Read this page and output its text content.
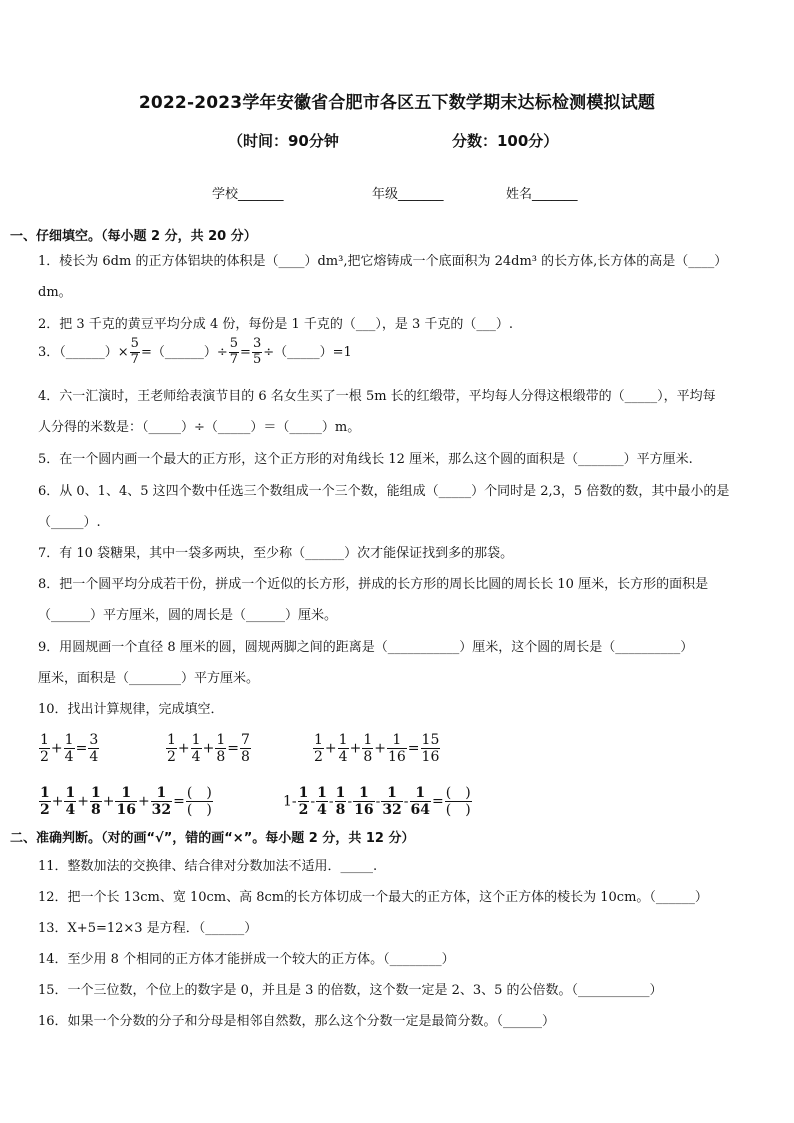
2022-2023学年安徽省合肥市各区五下数学期末达标检测模拟试题
（时间：90分钟	分数：100分）
学校_______	年级_______	姓名_______
一、仔细填空。（每小题 2 分，共 20 分）
1．棱长为 6dm 的正方体铝块的体积是（____）dm³,把它熔铸成一个底面积为 24dm³ 的长方体,长方体的高是（____）
dm。
2．把 3 千克的黄豆平均分成 4 份，每份是 1 千克的（___），是 3 千克的（___）.
3．（______）× $\frac{5}{7}$ =（______）÷ $\frac{5}{7} = \frac{3}{5}$ ÷（_____）=1
4．六一汇演时，王老师给表演节目的 6 名女生买了一根 5m 长的红缎带，平均每人分得这根缎带的（_____），平均每
人分得的米数是：（_____）÷（_____）＝（_____）m。
5．在一个圆内画一个最大的正方形，这个正方形的对角线长 12 厘米，那么这个圆的面积是（_______）平方厘米.
6．从 0、1、4、5 这四个数中任选三个数组成一个三个数，能组成（_____）个同时是 2,3，5 倍数的数，其中最小的是
（_____）.
7．有 10 袋糖果，其中一袋多两块，至少称（______）次才能保证找到多的那袋。
8．把一个圆平均分成若干份，拼成一个近似的长方形，拼成的长方形的周长比圆的周长长 10 厘米，长方形的面积是
（______）平方厘米，圆的周长是（______）厘米。
9．用圆规画一个直径 8 厘米的圆，圆规两脚之间的距离是（___________）厘米，这个圆的周长是（__________）
厘米，面积是（________）平方厘米。
10．找出计算规律，完成填空．
$\frac{1}{2} + \frac{1}{4} = \frac{3}{4}$	$\frac{1}{2} + \frac{1}{4} + \frac{1}{8} = \frac{7}{8}$	$\frac{1}{2} + \frac{1}{4} + \frac{1}{8} + \frac{1}{16} = \frac{15}{16}$
$\frac{1}{2} + \frac{1}{4} + \frac{1}{8} + \frac{1}{16} + \frac{1}{32} = \frac{( )}{( )}$	$1- \frac{1}{2} - \frac{1}{4} - \frac{1}{8} - \frac{1}{16} - \frac{1}{32} - \frac{1}{64} = \frac{( )}{( )}$
二、准确判断。（对的画“√”，错的画“×”。每小题 2 分，共 12 分）
11．整数加法的交换律、结合律对分数加法不适用．_____.
12．把一个长 13cm、宽 10cm、高 8cm的长方体切成一个最大的正方体，这个正方体的棱长为 10cm。（______）
13．X+5=12×3 是方程．（______）
14．至少用 8 个相同的正方体才能拼成一个较大的正方体。（________）
15．一个三位数，个位上的数字是 0，并且是 3 的倍数，这个数一定是 2、3、5 的公倍数。（___________）
16．如果一个分数的分子和分母是相邻自然数，那么这个分数一定是最简分数。（______）
